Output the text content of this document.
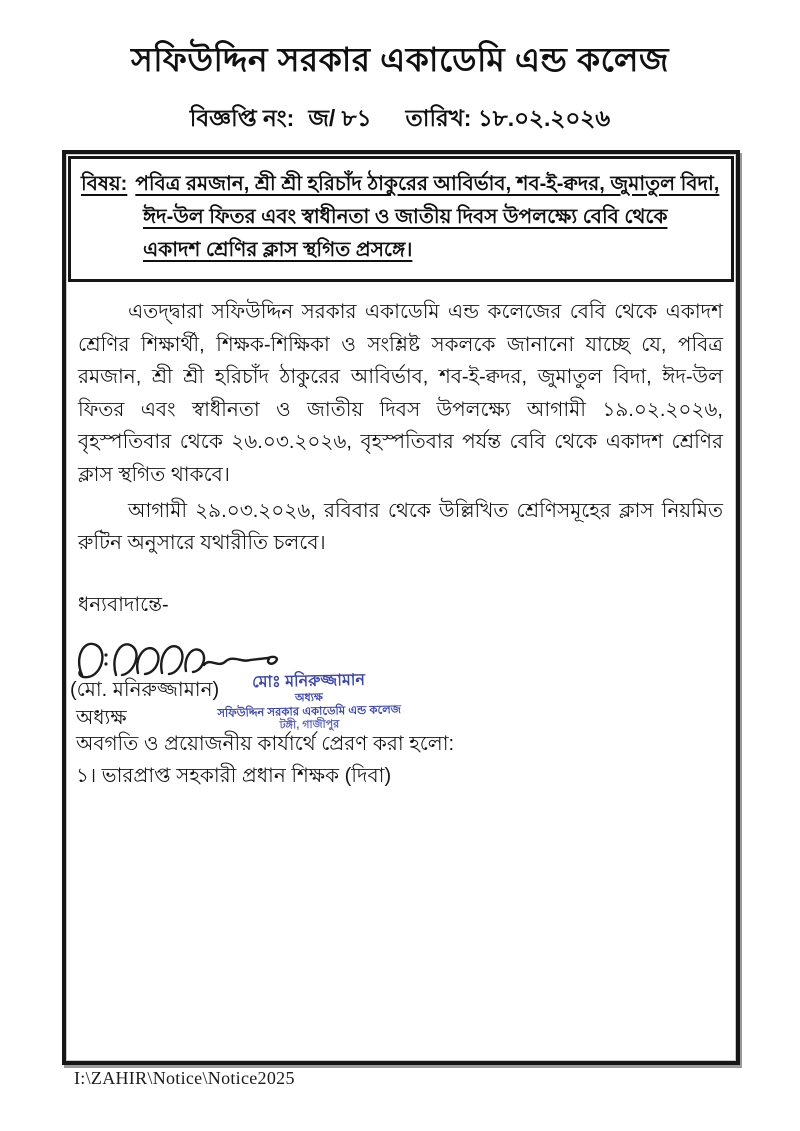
সফিউদ্দিন সরকার একাডেমি এন্ড কলেজ
বিজ্ঞপ্তি নং: জ/ ৮১ তারিখ: ১৮.০২.২০২৬
বিষয়: পবিত্র রমজান, শ্রী শ্রী হরিচাঁদ ঠাকুরের আবির্ভাব, শব-ই-ক্বদর, জুমাতুল বিদা, ঈদ-উল ফিতর এবং স্বাধীনতা ও জাতীয় দিবস উপলক্ষ্যে বেবি থেকে একাদশ শ্রেণির ক্লাস স্থগিত প্রসঙ্গে।

এতদ্দ্বারা সফিউদ্দিন সরকার একাডেমি এন্ড কলেজের বেবি থেকে একাদশ শ্রেণির শিক্ষার্থী, শিক্ষক-শিক্ষিকা ও সংশ্লিষ্ট সকলকে জানানো যাচ্ছে যে, পবিত্র রমজান, শ্রী শ্রী হরিচাঁদ ঠাকুরের আবির্ভাব, শব-ই-ক্বদর, জুমাতুল বিদা, ঈদ-উল ফিতর এবং স্বাধীনতা ও জাতীয় দিবস উপলক্ষ্যে আগামী ১৯.০২.২০২৬, বৃহস্পতিবার থেকে ২৬.০৩.২০২৬, বৃহস্পতিবার পর্যন্ত বেবি থেকে একাদশ শ্রেণির ক্লাস স্থগিত থাকবে।

আগামী ২৯.০৩.২০২৬, রবিবার থেকে উল্লিখিত শ্রেণিসমূহের ক্লাস নিয়মিত রুটিন অনুসারে যথারীতি চলবে।

ধন্যবাদান্তে-
(মো. মনিরুজ্জামান)
অধ্যক্ষ
মোঃ মনিরুজ্জামান
অধ্যক্ষ
সফিউদ্দিন সরকার একাডেমি এন্ড কলেজ
টঙ্গী, গাজীপুর
অবগতি ও প্রয়োজনীয় কার্যার্থে প্রেরণ করা হলো:
১। ভারপ্রাপ্ত সহকারী প্রধান শিক্ষক (দিবা)
I:\ZAHIR\Notice\Notice2025
